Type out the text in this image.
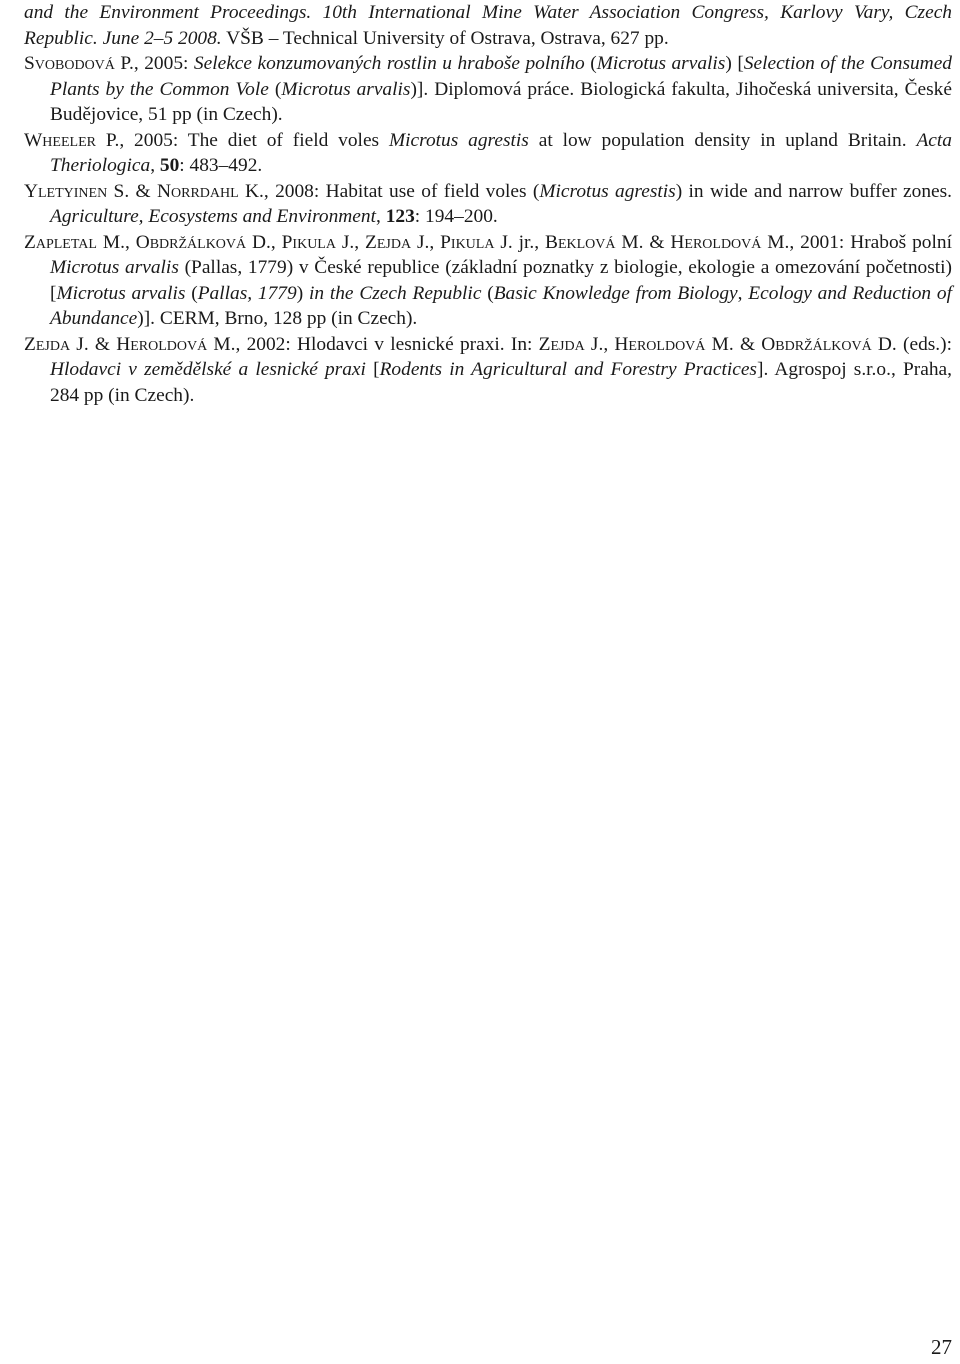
and the Environment Proceedings. 10th International Mine Water Association Congress, Karlovy Vary, Czech Republic. June 2–5 2008. VŠB – Technical University of Ostrava, Ostrava, 627 pp.

Svobodová P., 2005: Selekce konzumovaných rostlin u hraboše polního (Microtus arvalis) [Selection of the Consumed Plants by the Common Vole (Microtus arvalis)]. Diplomová práce. Biologická fakulta, Jihočeská universita, České Budějovice, 51 pp (in Czech).

Wheeler P., 2005: The diet of field voles Microtus agrestis at low population density in upland Britain. Acta Theriologica, 50: 483–492.

Yletyinen S. & Norrdahl K., 2008: Habitat use of field voles (Microtus agrestis) in wide and narrow buffer zones. Agriculture, Ecosystems and Environment, 123: 194–200.

Zapletal M., Obdržálková D., Pikula J., Zejda J., Pikula J. jr., Beklová M. & Heroldová M., 2001: Hraboš polní Microtus arvalis (Pallas, 1779) v České republice (základní poznatky z biologie, ekologie a omezování početnosti) [Microtus arvalis (Pallas, 1779) in the Czech Republic (Basic Knowledge from Biology, Ecology and Reduction of Abundance)]. CERM, Brno, 128 pp (in Czech).

Zejda J. & Heroldová M., 2002: Hlodavci v lesnické praxi. In: Zejda J., Heroldová M. & Obdržálková D. (eds.): Hlodavci v zemědělské a lesnické praxi [Rodents in Agricultural and Forestry Practices]. Agrospoj s.r.o., Praha, 284 pp (in Czech).

27
